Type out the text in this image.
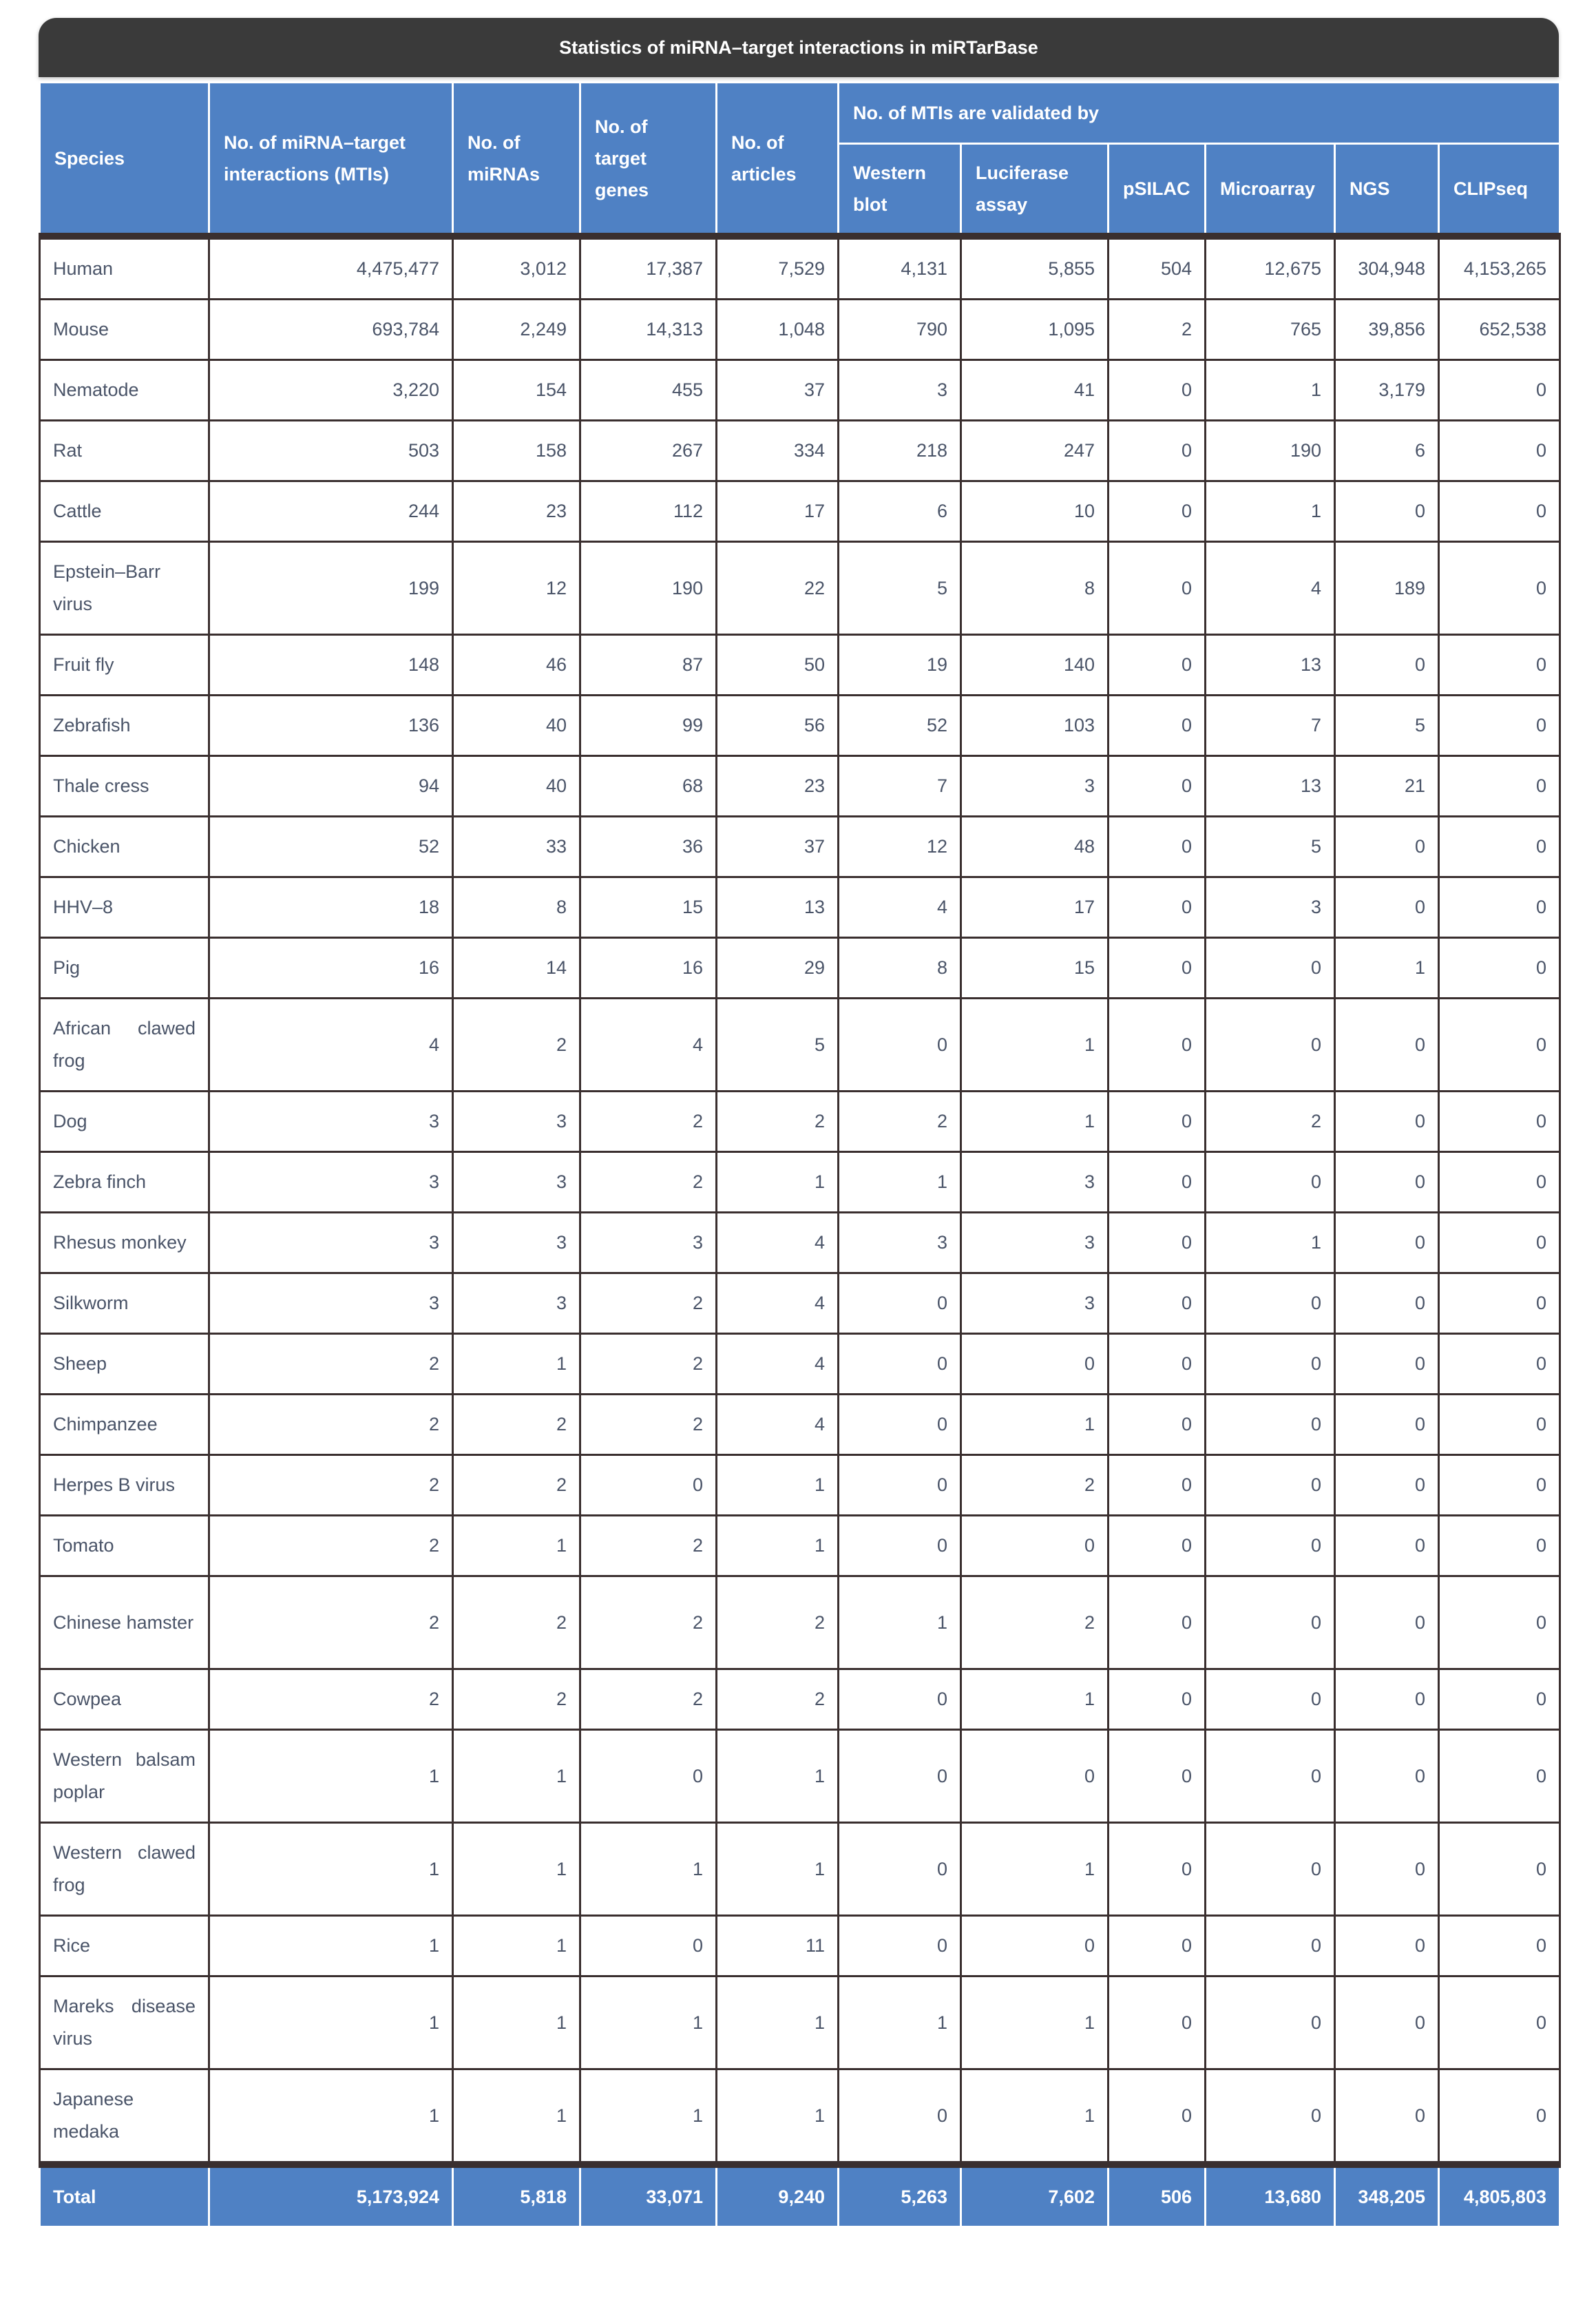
Statistics of miRNA–target interactions in miRTarBase
Species	No. of miRNA–target interactions (MTIs)	No. of miRNAs	No. of target genes	No. of articles	No. of MTIs are validated by					
					Western blot	Luciferase assay	pSILAC	Microarray	NGS	CLIPseq
Human	4,475,477	3,012	17,387	7,529	4,131	5,855	504	12,675	304,948	4,153,265
Mouse	693,784	2,249	14,313	1,048	790	1,095	2	765	39,856	652,538
Nematode	3,220	154	455	37	3	41	0	1	3,179	0
Rat	503	158	267	334	218	247	0	190	6	0
Cattle	244	23	112	17	6	10	0	1	0	0
Epstein–Barr virus	199	12	190	22	5	8	0	4	189	0
Fruit fly	148	46	87	50	19	140	0	13	0	0
Zebrafish	136	40	99	56	52	103	0	7	5	0
Thale cress	94	40	68	23	7	3	0	13	21	0
Chicken	52	33	36	37	12	48	0	5	0	0
HHV–8	18	8	15	13	4	17	0	3	0	0
Pig	16	14	16	29	8	15	0	0	1	0
African clawed frog	4	2	4	5	0	1	0	0	0	0
Dog	3	3	2	2	2	1	0	2	0	0
Zebra finch	3	3	2	1	1	3	0	0	0	0
Rhesus monkey	3	3	3	4	3	3	0	1	0	0
Silkworm	3	3	2	4	0	3	0	0	0	0
Sheep	2	1	2	4	0	0	0	0	0	0
Chimpanzee	2	2	2	4	0	1	0	0	0	0
Herpes B virus	2	2	0	1	0	2	0	0	0	0
Tomato	2	1	2	1	0	0	0	0	0	0
Chinese hamster	2	2	2	2	1	2	0	0	0	0
Cowpea	2	2	2	2	0	1	0	0	0	0
Western balsam poplar	1	1	0	1	0	0	0	0	0	0
Western clawed frog	1	1	1	1	0	1	0	0	0	0
Rice	1	1	0	11	0	0	0	0	0	0
Mareks disease virus	1	1	1	1	1	1	0	0	0	0
Japanese medaka	1	1	1	1	0	1	0	0	0	0
Total	5,173,924	5,818	33,071	9,240	5,263	7,602	506	13,680	348,205	4,805,803
